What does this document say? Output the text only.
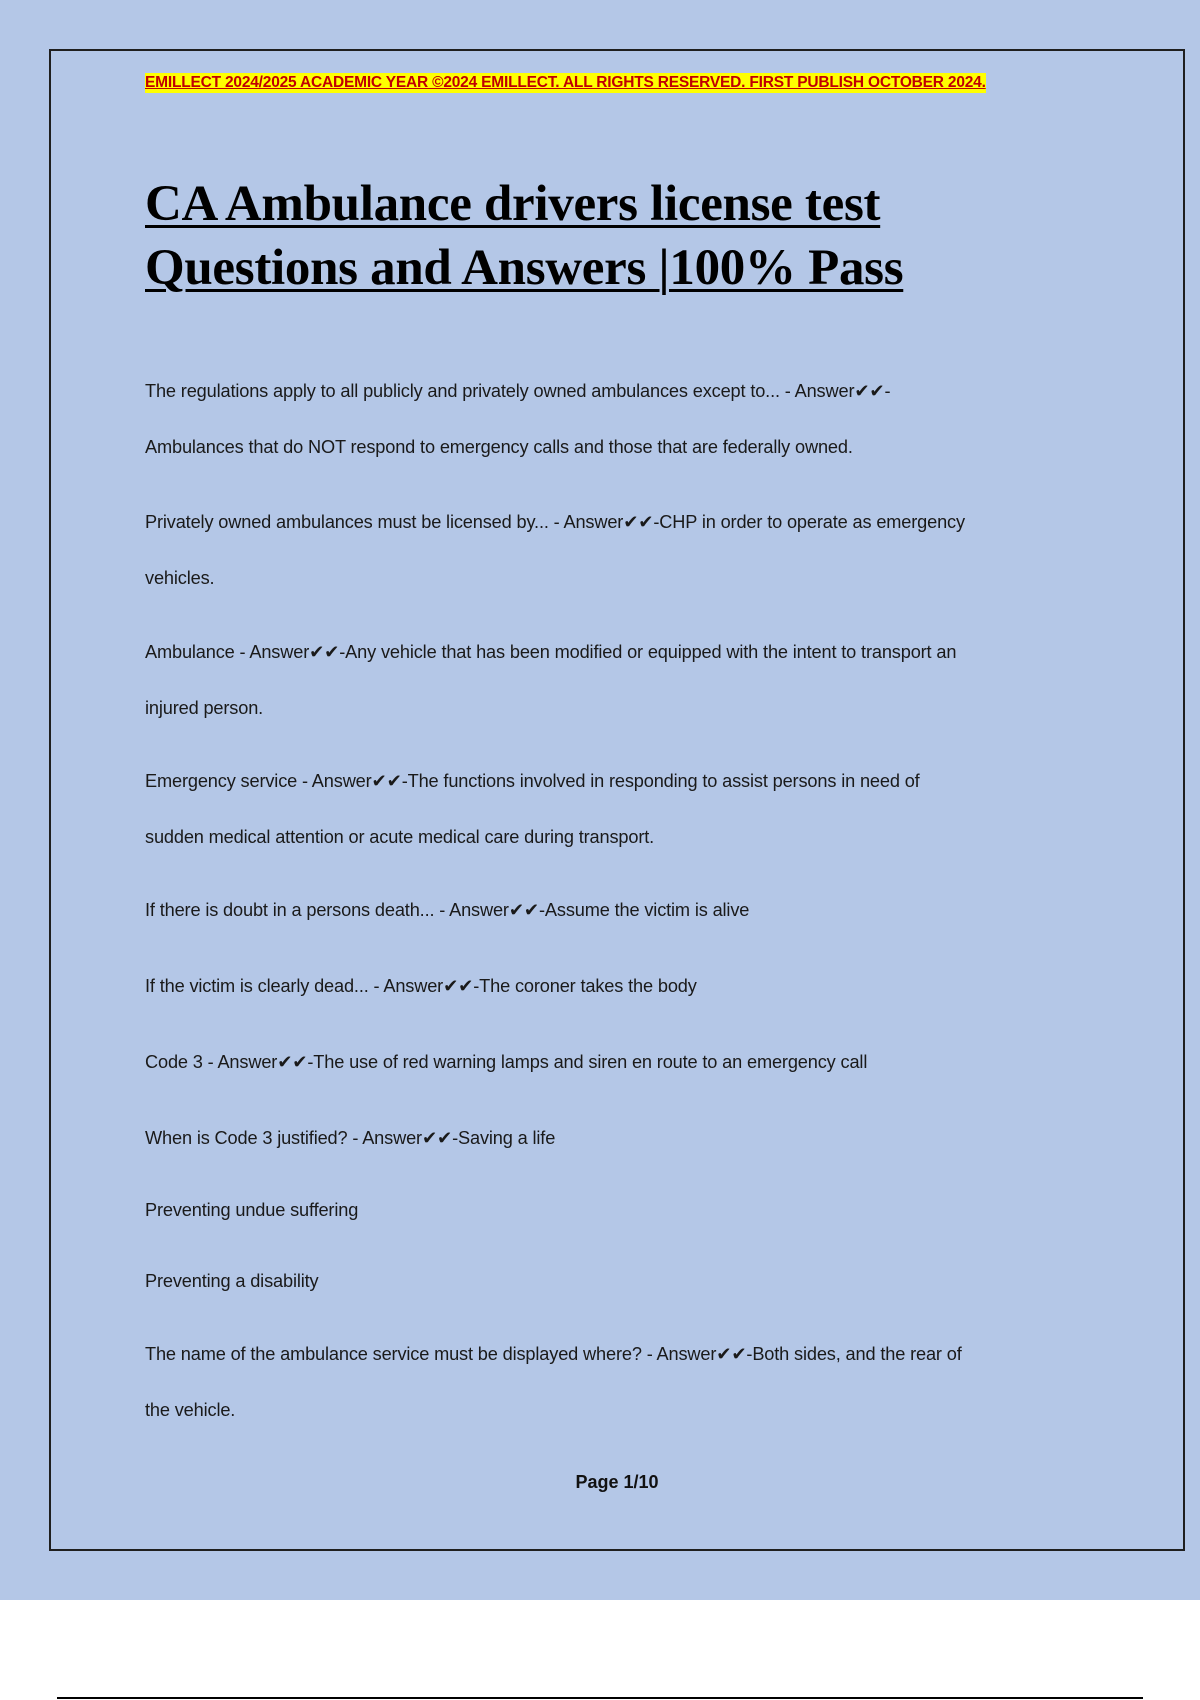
EMILLECT 2024/2025 ACADEMIC YEAR ©2024 EMILLECT. ALL RIGHTS RESERVED. FIRST PUBLISH OCTOBER 2024.
CA Ambulance drivers license test
Questions and Answers |100% Pass
The regulations apply to all publicly and privately owned ambulances except to... - Answer✔✔-
Ambulances that do NOT respond to emergency calls and those that are federally owned.
Privately owned ambulances must be licensed by... - Answer✔✔-CHP in order to operate as emergency
vehicles.
Ambulance - Answer✔✔-Any vehicle that has been modified or equipped with the intent to transport an
injured person.
Emergency service - Answer✔✔-The functions involved in responding to assist persons in need of
sudden medical attention or acute medical care during transport.
If there is doubt in a persons death... - Answer✔✔-Assume the victim is alive
If the victim is clearly dead... - Answer✔✔-The coroner takes the body
Code 3 - Answer✔✔-The use of red warning lamps and siren en route to an emergency call
When is Code 3 justified? - Answer✔✔-Saving a life
Preventing undue suffering
Preventing a disability
The name of the ambulance service must be displayed where? - Answer✔✔-Both sides, and the rear of
the vehicle.
Page 1/10
